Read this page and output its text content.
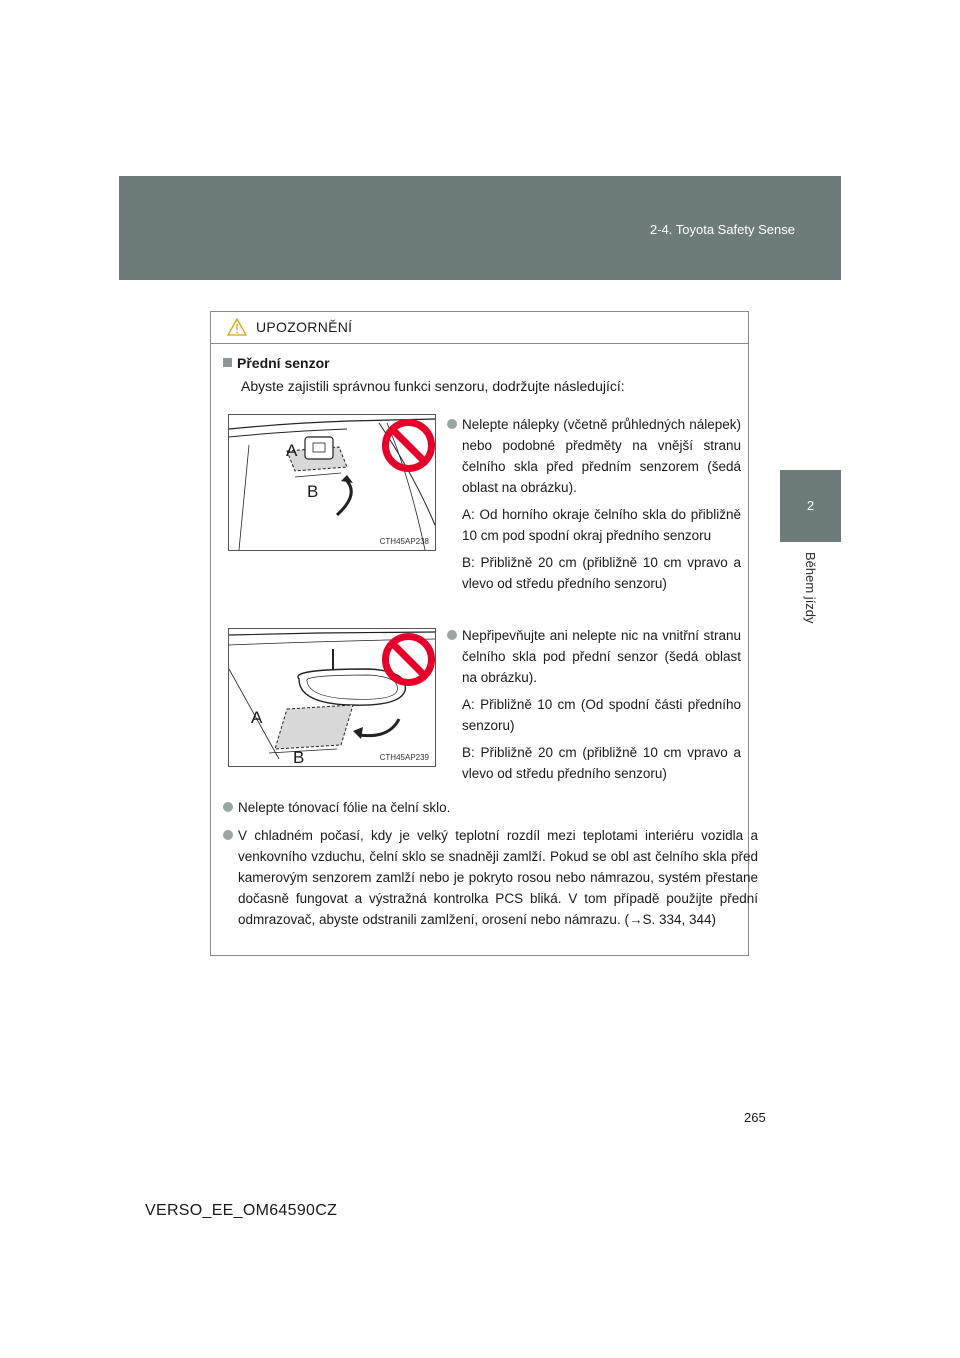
2-4. Toyota Safety Sense
2
Během jízdy
UPOZORNĚNÍ
Přední senzor
Abyste zajistili správnou funkci senzoru, dodržujte následující:
A
B
CTH45AP238
Nelepte nálepky (včetně průhledných nálepek) nebo podobné předměty na vnější stranu čelního skla před předním senzorem (šedá oblast na obrázku).
A: Od horního okraje čelního skla do přibližně 10 cm pod spodní okraj předního senzoru
B: Přibližně 20 cm (přibližně 10 cm vpravo a vlevo od středu předního senzoru)
A
B	CTH45AP239
Nepřipevňujte ani nelepte nic na vnitřní stranu čelního skla pod přední senzor (šedá oblast na obrázku).
A: Přibližně 10 cm (Od spodní části předního senzoru)
B: Přibližně 20 cm (přibližně 10 cm vpravo a vlevo od středu předního senzoru)
Nelepte tónovací fólie na čelní sklo.
V chladném počasí, kdy je velký teplotní rozdíl mezi teplotami interiéru vozidla a venkovního vzduchu, čelní sklo se snadněji zamlží. Pokud se obl ast čelního skla před kamerovým senzorem zamlží nebo je pokryto rosou nebo námrazou, systém přestane dočasně fungovat a výstražná kontrolka PCS bliká. V tom případě použijte přední odmrazovač, abyste odstranili zamlžení, orosení nebo námrazu. (→S. 334, 344)
265
VERSO_EE_OM64590CZ
